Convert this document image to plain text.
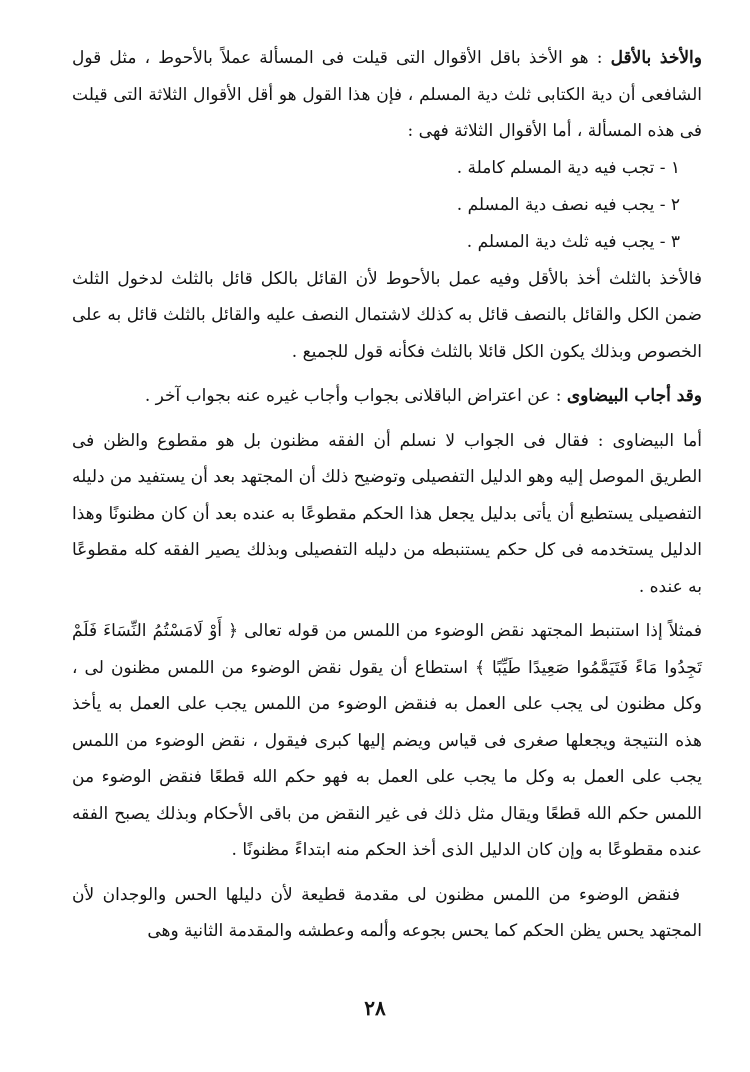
والأخذ بالأقل : هو الأخذ باقل الأقوال التى قيلت فى المسألة عملاً بالأحوط ، مثل قول الشافعى أن دية الكتابى ثلث دية المسلم ، فإن هذا القول هو أقل الأقوال الثلاثة التى قيلت فى هذه المسألة ، أما الأقوال الثلاثة فهى :

١ - تجب فيه دية المسلم كاملة .
٢ - يجب فيه نصف دية المسلم .
٣ - يجب فيه ثلث دية المسلم .

فالأخذ بالثلث أخذ بالأقل وفيه عمل بالأحوط لأن القائل بالكل قائل بالثلث لدخول الثلث ضمن الكل والقائل بالنصف قائل به كذلك لاشتمال النصف عليه والقائل بالثلث قائل به على الخصوص وبذلك يكون الكل قائلا بالثلث فكأنه قول للجميع .

وقد أجاب البيضاوى : عن اعتراض الباقلانى بجواب وأجاب غيره عنه بجواب آخر .

أما البيضاوى : فقال فى الجواب لا نسلم أن الفقه مظنون بل هو مقطوع والظن فى الطريق الموصل إليه وهو الدليل التفصيلى وتوضيح ذلك أن المجتهد بعد أن يستفيد من دليله التفصيلى يستطيع أن يأتى بدليل يجعل هذا الحكم مقطوعًا به عنده بعد أن كان مظنونًا وهذا الدليل يستخدمه فى كل حكم يستنبطه من دليله التفصيلى وبذلك يصير الفقه كله مقطوعًا به عنده .

فمثلاً إذا استنبط المجتهد نقض الوضوء من اللمس من قوله تعالى ﴿ أَوْ لَامَسْتُمُ النِّسَاءَ فَلَمْ تَجِدُوا مَاءً فَتَيَمَّمُوا صَعِيدًا طَيِّبًا ﴾ استطاع أن يقول نقض الوضوء من اللمس مظنون لى ، وكل مظنون لى يجب على العمل به فنقض الوضوء من اللمس يجب على العمل به يأخذ هذه النتيجة ويجعلها صغرى فى قياس ويضم إليها كبرى فيقول ، نقض الوضوء من اللمس يجب على العمل به وكل ما يجب على العمل به فهو حكم الله قطعًا فنقض الوضوء من اللمس حكم الله قطعًا ويقال مثل ذلك فى غير النقض من باقى الأحكام وبذلك يصبح الفقه عنده مقطوعًا به وإن كان الدليل الذى أخذ الحكم منه ابتداءً مظنونًا .

فنقض الوضوء من اللمس مظنون لى مقدمة قطيعة لأن دليلها الحس والوجدان لأن المجتهد يحس يظن الحكم كما يحس بجوعه وألمه وعطشه والمقدمة الثانية وهى

٢٨
